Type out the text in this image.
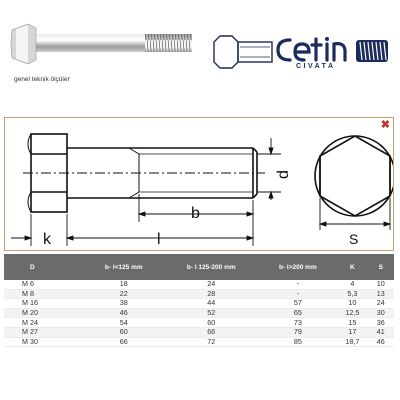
genel teknik ölçüler
CIVATA
k	l
b
d
S
✖
D	b- l<125 mm	b- l 125-200 mm	b- l>200 mm	K	S
M 6	18	24	-	4	10
M 8	22	28	-	5,3	13
M 16	38	44	57	10	24
M 20	46	52	65	12,5	30
M 24	54	60	73	15	36
M 27	60	66	79	17	41
M 30	66	72	85	18,7	46
